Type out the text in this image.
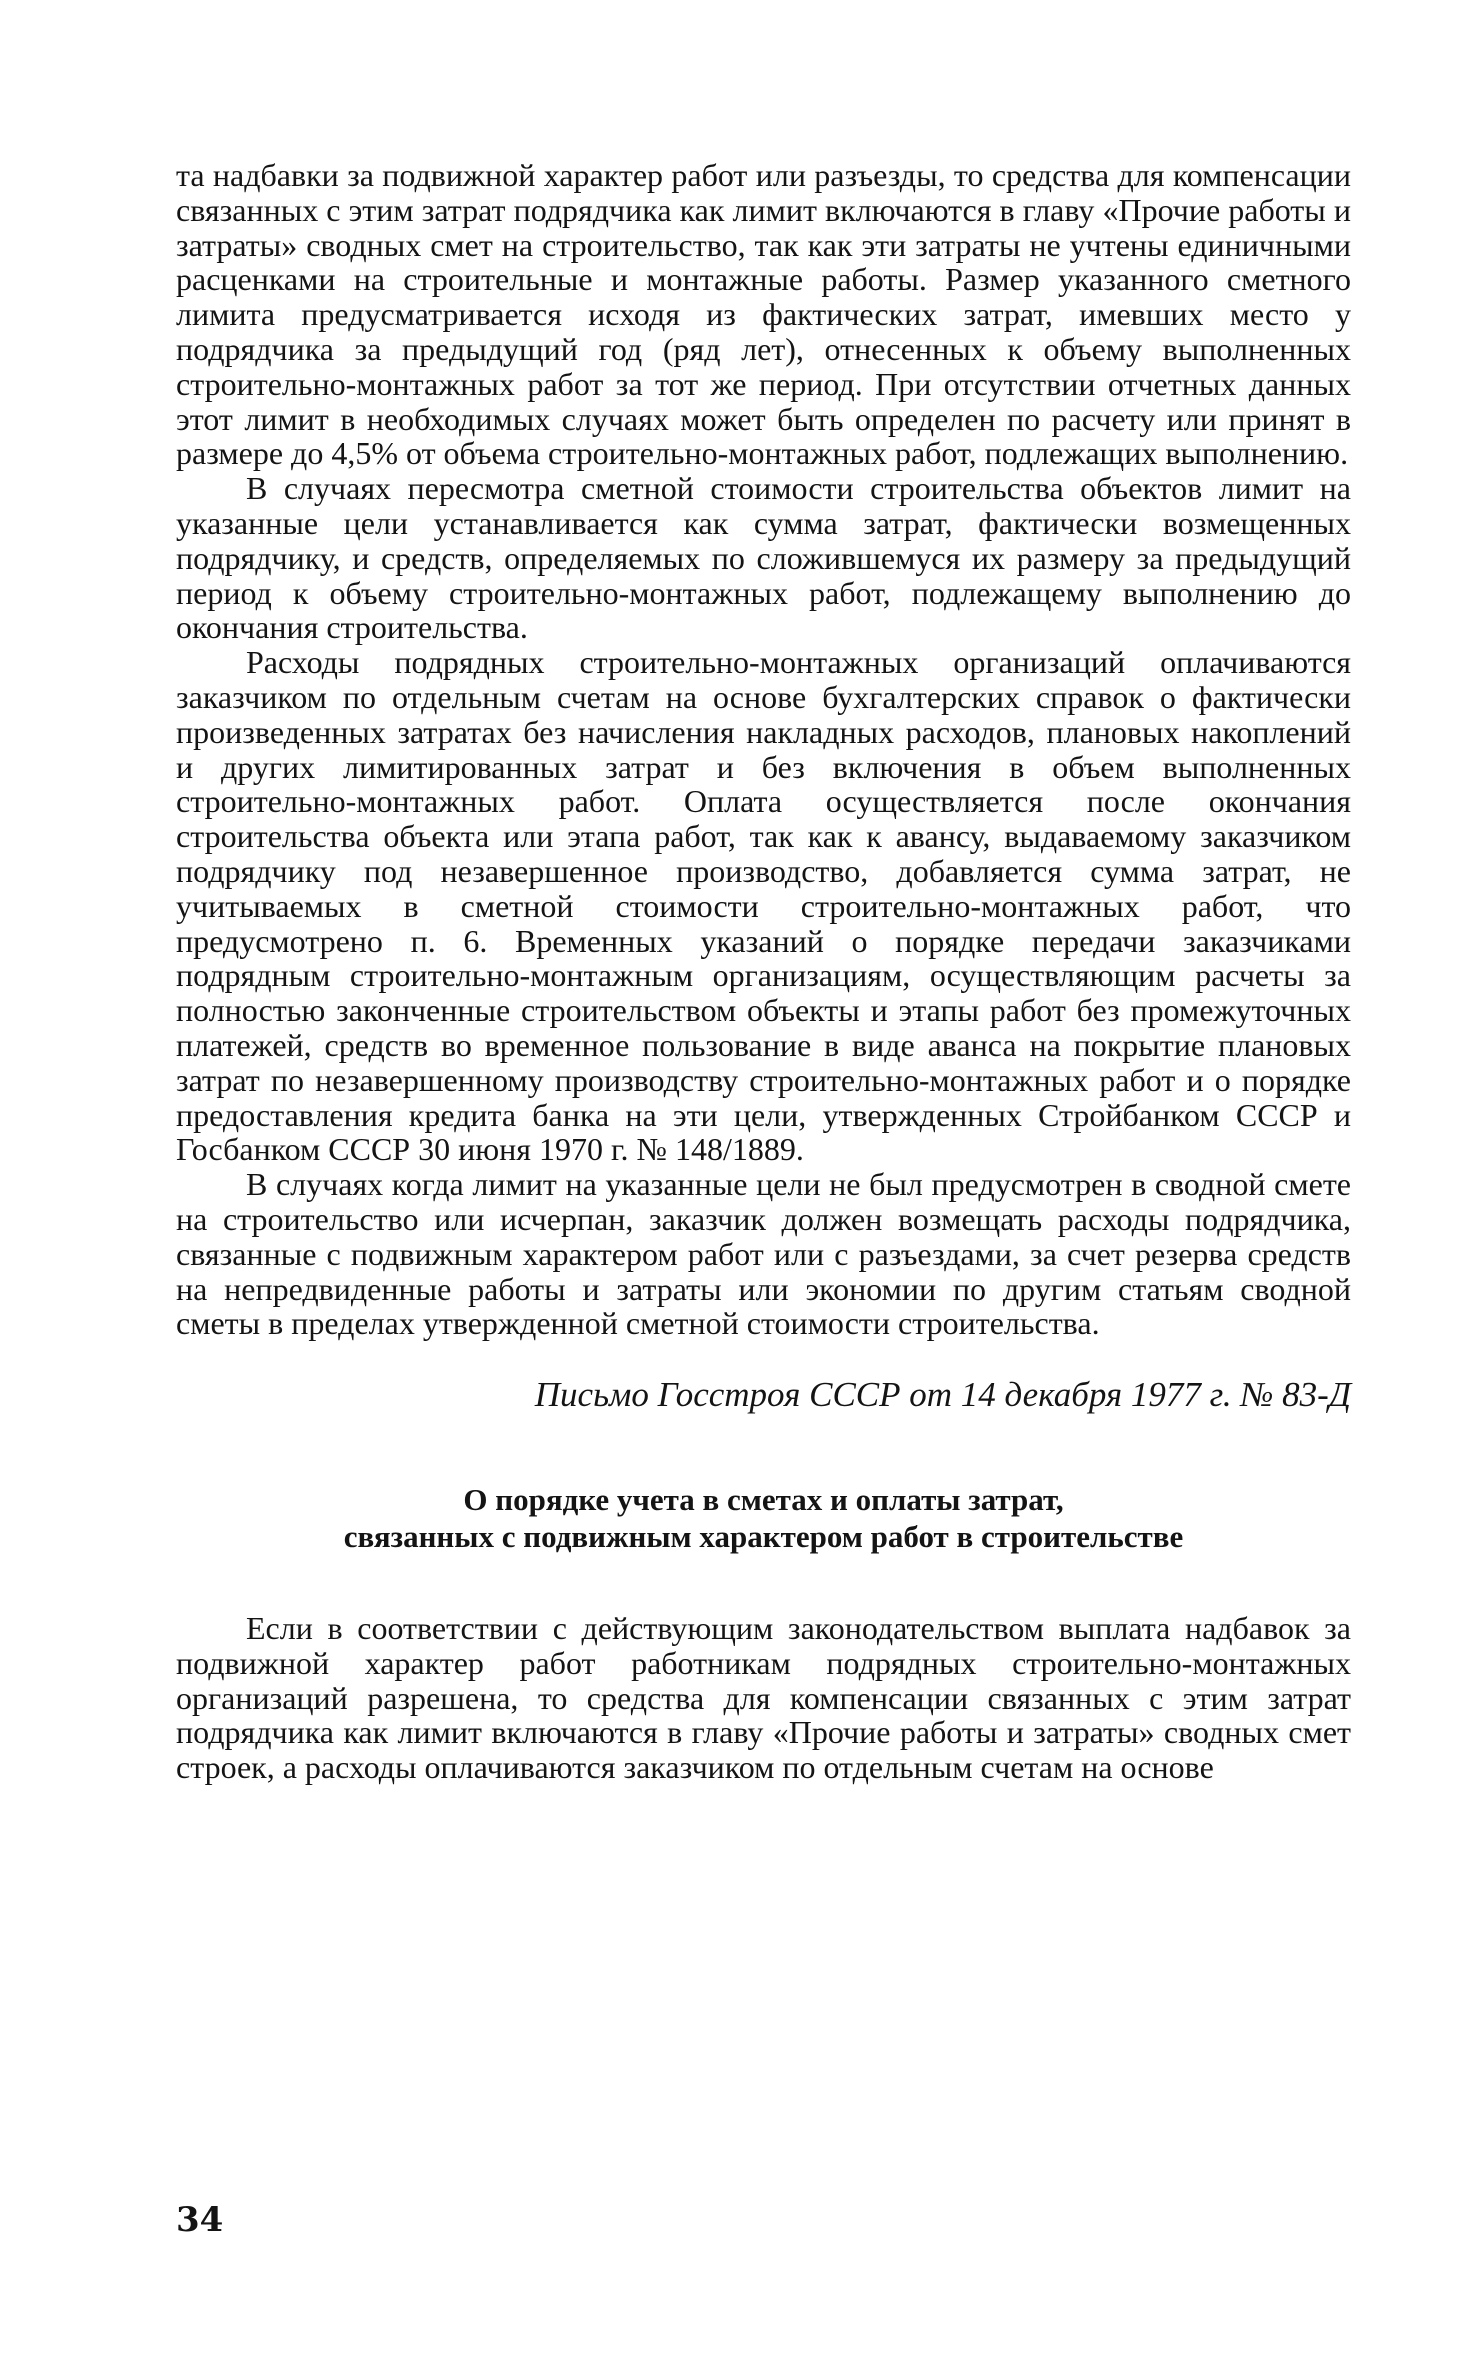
та надбавки за подвижной характер работ или разъезды, то средства для компенсации связанных с этим затрат подрядчика как лимит включаются в главу «Прочие работы и затраты» сводных смет на строительство, так как эти затраты не учтены единичными расценками на строительные и монтажные работы. Размер указанного сметного лимита предусматривается исходя из фактических затрат, имевших место у подрядчика за предыдущий год (ряд лет), отнесенных к объему выполненных строительно-монтажных работ за тот же период. При отсутствии отчетных данных этот лимит в необходимых случаях может быть определен по расчету или принят в размере до 4,5% от объема строительно-монтажных работ, подлежащих выполнению.

В случаях пересмотра сметной стоимости строительства объектов лимит на указанные цели устанавливается как сумма затрат, фактически возмещенных подрядчику, и средств, определяемых по сложившемуся их размеру за предыдущий период к объему строительно-монтажных работ, подлежащему выполнению до окончания строительства.

Расходы подрядных строительно-монтажных организаций оплачиваются заказчиком по отдельным счетам на основе бухгалтерских справок о фактически произведенных затратах без начисления накладных расходов, плановых накоплений и других лимитированных затрат и без включения в объем выполненных строительно-монтажных работ. Оплата осуществляется после окончания строительства объекта или этапа работ, так как к авансу, выдаваемому заказчиком подрядчику под незавершенное производство, добавляется сумма затрат, не учитываемых в сметной стоимости строительно-монтажных работ, что предусмотрено п. 6. Временных указаний о порядке передачи заказчиками подрядным строительно-монтажным организациям, осуществляющим расчеты за полностью законченные строительством объекты и этапы работ без промежуточных платежей, средств во временное пользование в виде аванса на покрытие плановых затрат по незавершенному производству строительно-монтажных работ и о порядке предоставления кредита банка на эти цели, утвержденных Стройбанком СССР и Госбанком СССР 30 июня 1970 г. № 148/1889.

В случаях когда лимит на указанные цели не был предусмотрен в сводной смете на строительство или исчерпан, заказчик должен возмещать расходы подрядчика, связанные с подвижным характером работ или с разъездами, за счет резерва средств на непредвиденные работы и затраты или экономии по другим статьям сводной сметы в пределах утвержденной сметной стоимости строительства.

Письмо Госстроя СССР от 14 декабря 1977 г. № 83-Д

О порядке учета в сметах и оплаты затрат,
связанных с подвижным характером работ в строительстве

Если в соответствии с действующим законодательством выплата надбавок за подвижной характер работ работникам подрядных строительно-монтажных организаций разрешена, то средства для компенсации связанных с этим затрат подрядчика как лимит включаются в главу «Прочие работы и затраты» сводных смет строек, а расходы оплачиваются заказчиком по отдельным счетам на основе

34
